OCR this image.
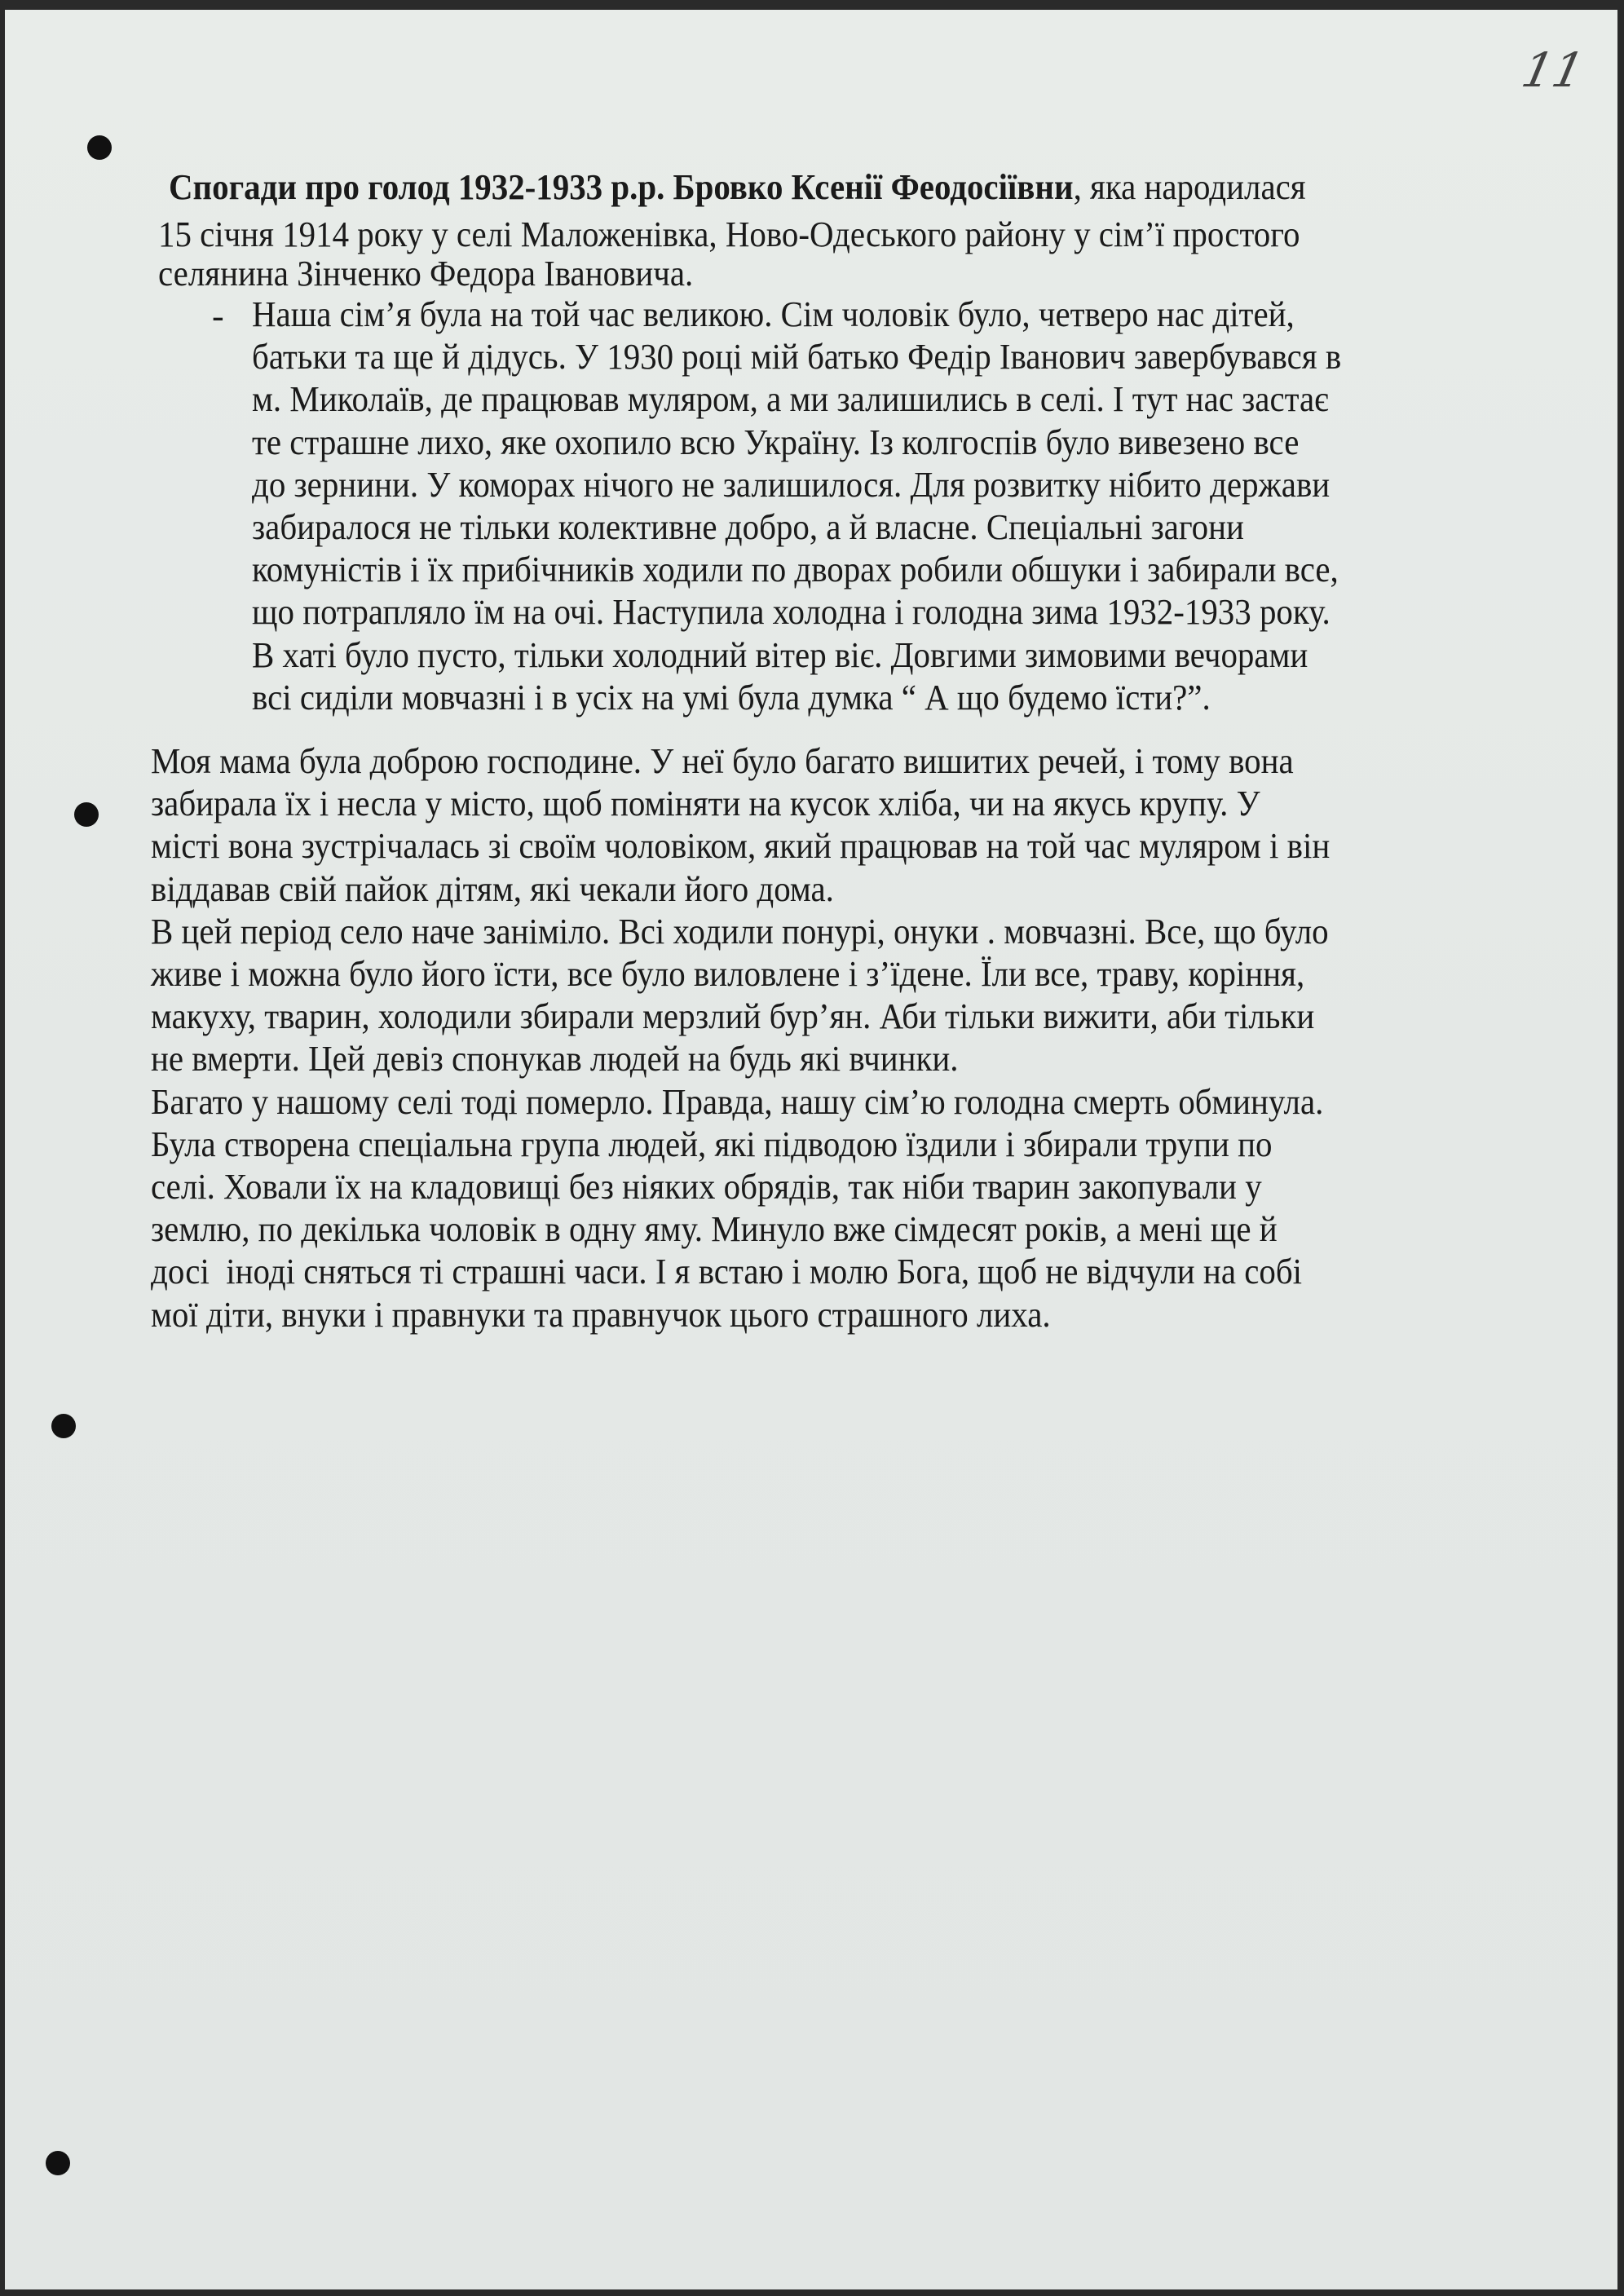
11
Спогади про голод 1932-1933 р.р. Бровко Ксенії Феодосіївни, яка народилася
15 січня 1914 року у селі Маложенівка, Ново-Одеського району у сім’ї простого
селянина Зінченко Федора Івановича.
- Наша сім’я була на той час великою. Сім чоловік було, четверо нас дітей,
батьки та ще й дідусь. У 1930 році мій батько Федір Іванович завербувався в
м. Миколаїв, де працював муляром, а ми залишились в селі. І тут нас застає
те страшне лихо, яке охопило всю Україну. Із колгоспів було вивезено все
до зернини. У коморах нічого не залишилося. Для розвитку нібито держави
забиралося не тільки колективне добро, а й власне. Спеціальні загони
комуністів і їх прибічників ходили по дворах робили обшуки і забирали все,
що потрапляло їм на очі. Наступила холодна і голодна зима 1932-1933 року.
В хаті було пусто, тільки холодний вітер віє. Довгими зимовими вечорами
всі сиділи мовчазні і в усіх на умі була думка “ А що будемо їсти?”.
Моя мама була доброю господине. У неї було багато вишитих речей, і тому вона
забирала їх і несла у місто, щоб поміняти на кусок хліба, чи на якусь крупу. У
місті вона зустрічалась зі своїм чоловіком, який працював на той час муляром і він
віддавав свій пайок дітям, які чекали його дома.
В цей період село наче заніміло. Всі ходили понурі, онуки . мовчазні. Все, що було
живе і можна було його їсти, все було виловлене і з’їдене. Їли все, траву, коріння,
макуху, тварин, холодили збирали мерзлий бур’ян. Аби тільки вижити, аби тільки
не вмерти. Цей девіз спонукав людей на будь які вчинки.
Багато у нашому селі тоді померло. Правда, нашу сім’ю голодна смерть обминула.
Була створена спеціальна група людей, які підводою їздили і збирали трупи по
селі. Ховали їх на кладовищі без ніяких обрядів, так ніби тварин закопували у
землю, по декілька чоловік в одну яму. Минуло вже сімдесят років, а мені ще й
досі  іноді сняться ті страшні часи. І я встаю і молю Бога, щоб не відчули на собі
мої діти, внуки і правнуки та правнучок цього страшного лиха.
